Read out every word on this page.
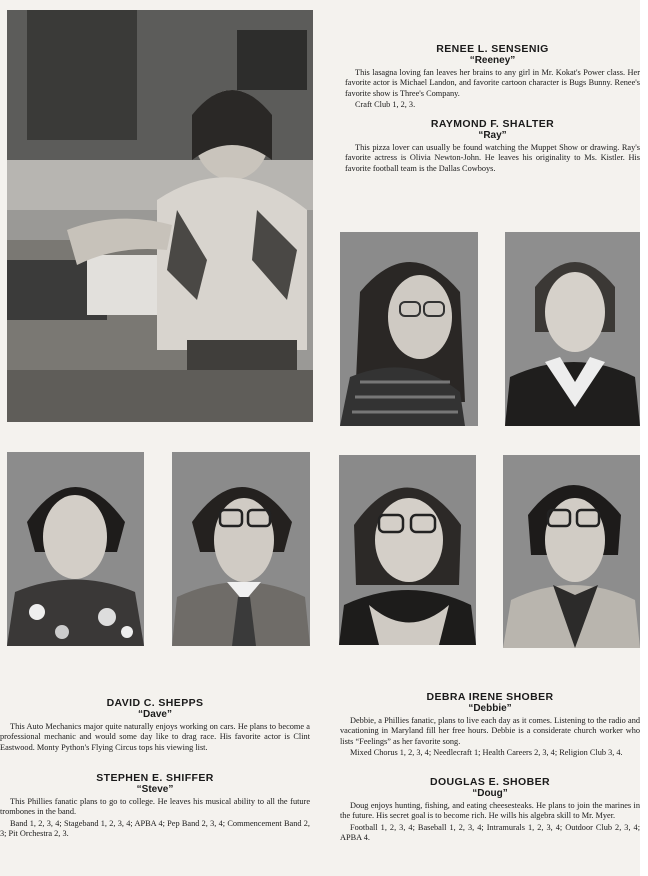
RENEE L. SENSENIG
“Reeney”

This lasagna loving fan leaves her brains to any girl in Mr. Kokat's Power class. Her favorite actor is Michael Landon, and favorite cartoon character is Bugs Bunny. Renee's favorite show is Three's Company.

Craft Club 1, 2, 3.

RAYMOND F. SHALTER
“Ray”

This pizza lover can usually be found watching the Muppet Show or drawing. Ray's favorite actress is Olivia Newton-John. He leaves his originality to Ms. Kistler. His favorite football team is the Dallas Cowboys.

DAVID C. SHEPPS
“Dave”

This Auto Mechanics major quite naturally enjoys working on cars. He plans to become a professional mechanic and would some day like to drag race. His favorite actor is Clint Eastwood. Monty Python's Flying Circus tops his viewing list.

STEPHEN E. SHIFFER
“Steve”

This Phillies fanatic plans to go to college. He leaves his musical ability to all the future trombones in the band.

Band 1, 2, 3, 4; Stageband 1, 2, 3, 4; APBA 4; Pep Band 2, 3, 4; Commencement Band 2, 3; Pit Orchestra 2, 3.

DEBRA IRENE SHOBER
“Debbie”

Debbie, a Phillies fanatic, plans to live each day as it comes. Listening to the radio and vacationing in Maryland fill her free hours. Debbie is a considerate church worker who lists “Feelings” as her favorite song.

Mixed Chorus 1, 2, 3, 4; Needlecraft 1; Health Careers 2, 3, 4; Religion Club 3, 4.

DOUGLAS E. SHOBER
“Doug”

Doug enjoys hunting, fishing, and eating cheesesteaks. He plans to join the marines in the future. His secret goal is to become rich. He wills his algebra skill to Mr. Myer.

Football 1, 2, 3, 4; Baseball 1, 2, 3, 4; Intramurals 1, 2, 3, 4; Outdoor Club 2, 3, 4; APBA 4.
